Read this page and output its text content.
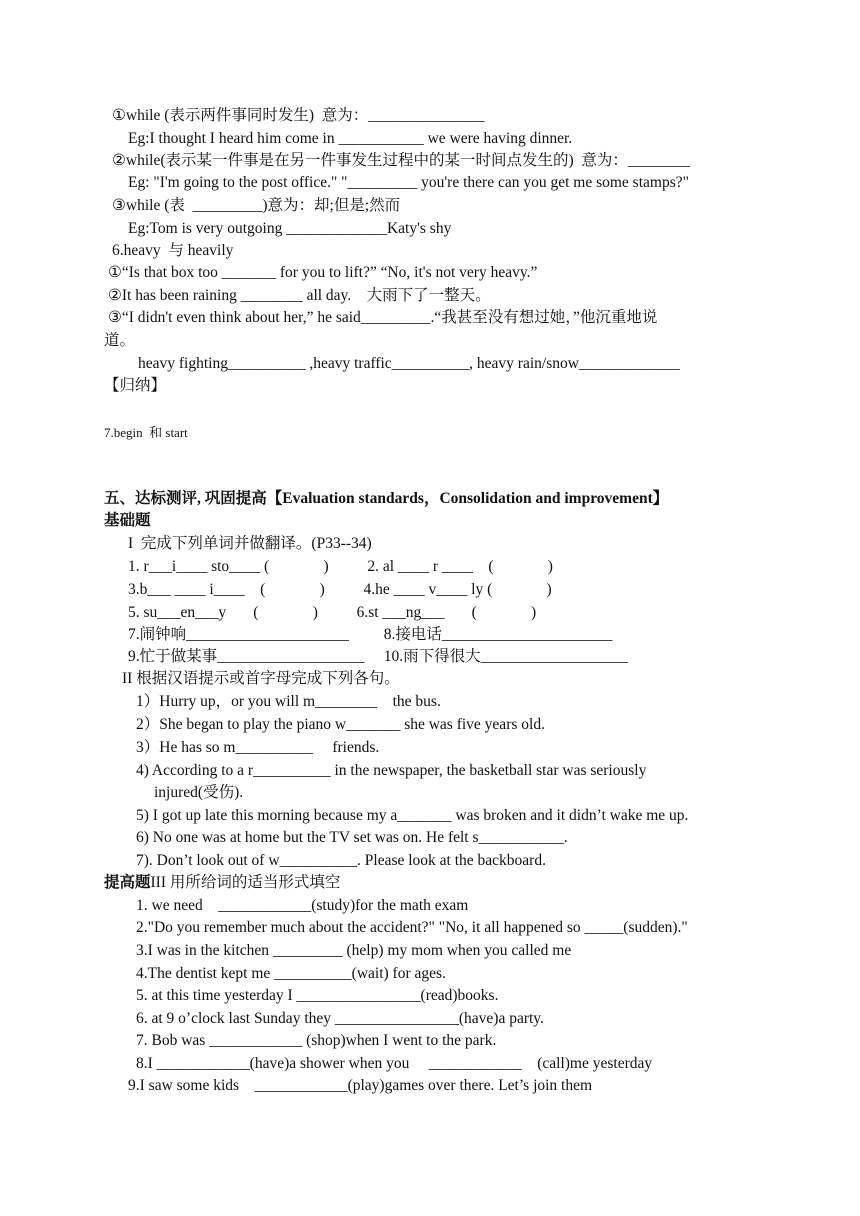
①while (表示两件事同时发生)  意为：_______________
Eg:I thought I heard him come in ___________ we were having dinner.
②while(表示某一件事是在另一件事发生过程中的某一时间点发生的)  意为：________
Eg: "I'm going to the post office." "_________ you're there can you get me some stamps?"
③while (表  _________)意为：却;但是;然而
Eg:Tom is very outgoing _____________Katy's shy
6.heavy  与 heavily
①“Is that box too _______ for you to lift?” “No, it's not very heavy.”
②It has been raining ________ all day.    大雨下了一整天。
③“I didn't even think about her,” he said_________.“我甚至没有想过她，”他沉重地说
道。
heavy fighting__________ ,heavy traffic__________, heavy rain/snow_____________
【归纳】
7.begin  和 start
五、达标测评, 巩固提高【Evaluation standards，Consolidation and improvement】
基础题
I  完成下列单词并做翻译。(P33--34)
1. r___i____ sto____ (              )          2. al ____ r ____    (              )
3.b___ ____ i____    (              )          4.he ____ v____ ly (              )
5. su___en___y       (              )          6.st ___ng___       (              )
7.闹钟响_____________________         8.接电话______________________
9.忙于做某事___________________     10.雨下得很大___________________
II 根据汉语提示或首字母完成下列各句。
1）Hurry up，or you will m________    the bus.
2）She began to play the piano w_______ she was five years old.
3）He has so m__________     friends.
4) According to a r__________ in the newspaper, the basketball star was seriously
injured(受伤).
5) I got up late this morning because my a_______ was broken and it didn’t wake me up.
6) No one was at home but the TV set was on. He felt s___________.
7). Don’t look out of w__________. Please look at the backboard.
提高题III 用所给词的适当形式填空
1. we need    ____________(study)for the math exam
2."Do you remember much about the accident?" "No, it all happened so _____(sudden)."
3.I was in the kitchen _________ (help) my mom when you called me
4.The dentist kept me __________(wait) for ages.
5. at this time yesterday I ________________(read)books.
6. at 9 o’clock last Sunday they ________________(have)a party.
7. Bob was ____________ (shop)when I went to the park.
8.I ____________(have)a shower when you     ____________    (call)me yesterday
9.I saw some kids    ____________(play)games over there. Let’s join them
